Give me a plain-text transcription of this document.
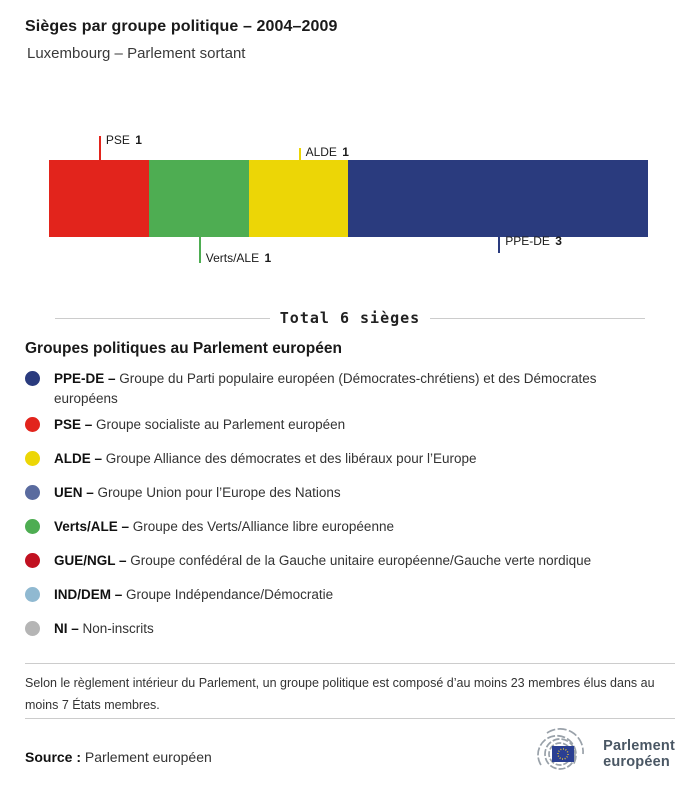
Sièges par groupe politique – 2004–2009
Luxembourg – Parlement sortant
PSE 1
Verts/ALE 1
ALDE 1
PPE-DE 3
Total 6 sièges
Groupes politiques au Parlement européen
PPE-DE – Groupe du Parti populaire européen (Démocrates-chrétiens) et des Démocrates européens
PSE – Groupe socialiste au Parlement européen
ALDE – Groupe Alliance des démocrates et des libéraux pour l’Europe
UEN – Groupe Union pour l’Europe des Nations
Verts/ALE – Groupe des Verts/Alliance libre européenne
GUE/NGL – Groupe confédéral de la Gauche unitaire européenne/Gauche verte nordique
IND/DEM – Groupe Indépendance/Démocratie
NI – Non-inscrits
Selon le règlement intérieur du Parlement, un groupe politique est composé d’au moins 23 membres élus dans au moins 7 États membres.
Source : Parlement européen
Parlement
européen
